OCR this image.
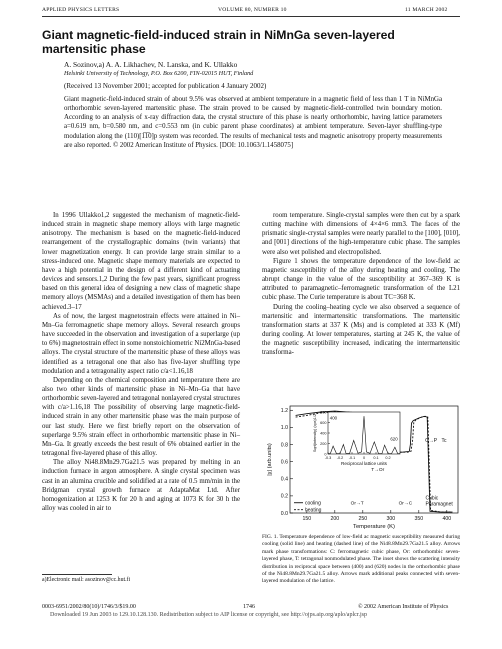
APPLIED PHYSICS LETTERS	VOLUME 80, NUMBER 10	11 MARCH 2002
Giant magnetic-field-induced strain in NiMnGa seven-layered martensitic phase
A. Sozinov,a) A. A. Likhachev, N. Lanska, and K. Ullakko
Helsinki University of Technology, P.O. Box 6200, FIN-02015 HUT, Finland
(Received 13 November 2001; accepted for publication 4 January 2002)
Giant magnetic-field-induced strain of about 9.5% was observed at ambient temperature in a magnetic field of less than 1 T in NiMnGa orthorhombic seven-layered martensitic phase. The strain proved to be caused by magnetic-field-controlled twin boundary motion. According to an analysis of x-ray diffraction data, the crystal structure of this phase is nearly orthorhombic, having lattice parameters a=0.619 nm, b=0.580 nm, and c=0.553 nm (in cubic parent phase coordinates) at ambient temperature. Seven-layer shuffling-type modulation along the (110)[1̅1̅0]p system was recorded. The results of mechanical tests and magnetic anisotropy property measurements are also reported. © 2002 American Institute of Physics. [DOI: 10.1063/1.1458075]

In 1996 Ullakko1,2 suggested the mechanism of magnetic-field-induced strain in magnetic shape memory alloys with large magnetic anisotropy. The mechanism is based on the magnetic-field-induced rearrangement of the crystallographic domains (twin variants) that lower magnetization energy. It can provide large strain similar to a stress-induced one. Magnetic shape memory materials are expected to have a high potential in the design of a different kind of actuating devices and sensors.1,2 During the few past years, significant progress based on this general idea of designing a new class of magnetic shape memory alloys (MSMAs) and a detailed investigation of them has been achieved.3–17

As of now, the largest magnetostrain effects were attained in Ni–Mn–Ga ferromagnetic shape memory alloys. Several research groups have succeeded in the observation and investigation of a superlarge (up to 6%) magnetostrain effect in some nonstoichiometric Ni2MnGa-based alloys. The crystal structure of the martensitic phase of these alloys was identified as a tetragonal one that also has five-layer shuffling type modulation and a tetragonality aspect ratio c/a<1.16,18

Depending on the chemical composition and temperature there are also two other kinds of martensitic phase in Ni–Mn–Ga that have orthorhombic seven-layered and tetragonal nonlayered crystal structures with c/a>1.16,18 The possibility of observing large magnetic-field-induced strain in any other martensitic phase was the main purpose of our last study. Here we first briefly report on the observation of superlarge 9.5% strain effect in orthorhombic martensitic phase in Ni–Mn–Ga. It greatly exceeds the best result of 6% obtained earlier in the tetragonal five-layered phase of this alloy.

The alloy Ni48.8Mn29.7Ga21.5 was prepared by melting in an induction furnace in argon atmosphere. A single crystal specimen was cast in an alumina crucible and solidified at a rate of 0.5 mm/min in the Bridgman crystal growth furnace at AdaptaMat Ltd. After homogenization at 1253 K for 20 h and aging at 1073 K for 30 h the alloy was cooled in air to

room temperature. Single-crystal samples were then cut by a spark cutting machine with dimensions of 4×4×6 mm3. The faces of the prismatic single-crystal samples were nearly parallel to the [100], [010], and [001] directions of the high-temperature cubic phase. The samples were also wet polished and electropolished.

Figure 1 shows the temperature dependence of the low-field ac magnetic susceptibility of the alloy during heating and cooling. The abrupt change in the value of the susceptibility at 367–369 K is attributed to paramagnetic–ferromagnetic transformation of the L21 cubic phase. The Curie temperature is about TC=368 K.

During the cooling–heating cycle we also observed a sequence of martensitic and intermartensitic transformations. The martensitic transformation starts at 337 K (Ms) and is completed at 333 K (Mf) during cooling. At lower temperatures, starting at 245 K, the value of the magnetic susceptibility increased, indicating the intermartensitic transforma-

150	200	250	300	350	400
0.0
0.2
0.4
0.6
0.8
1.0
1.2
Temperature (K)
|χ| (arb.units)
cooling
heating
C→P Tc
T→Or
Or→T	Or→C
Cubic
Paramagnet
-0.3 -0.2 -0.1 0 0.1 0.2
0
200
400
600
800
Reciprocal lattice units
Sqrt(intensity) (cps)1/2	400
620
FIG. 1. Temperature dependence of low-field ac magnetic susceptibility measured during cooling (solid line) and heating (dashed line) of the Ni48.8Mn29.7Ga21.5 alloy. Arrows mark phase transformations: C: ferromagnetic cubic phase, Or: orthorhombic seven-layered phase, T: tetragonal nonmodulated phase. The inset shows the scattering intensity distribution in reciprocal space between (400) and (620) nodes in the orthorhombic phase of the Ni48.8Mn29.7Ga21.5 alloy. Arrows mark additional peaks connected with seven-layered modulation of the lattice.
a)Electronic mail: asozinov@cc.hut.fi
0003-6951/2002/80(10)/1746/3/$19.00	1746	© 2002 American Institute of Physics
Downloaded 19 Jun 2003 to 129.10.128.130. Redistribution subject to AIP license or copyright, see http://ojps.aip.org/aplo/aplcr.jsp
